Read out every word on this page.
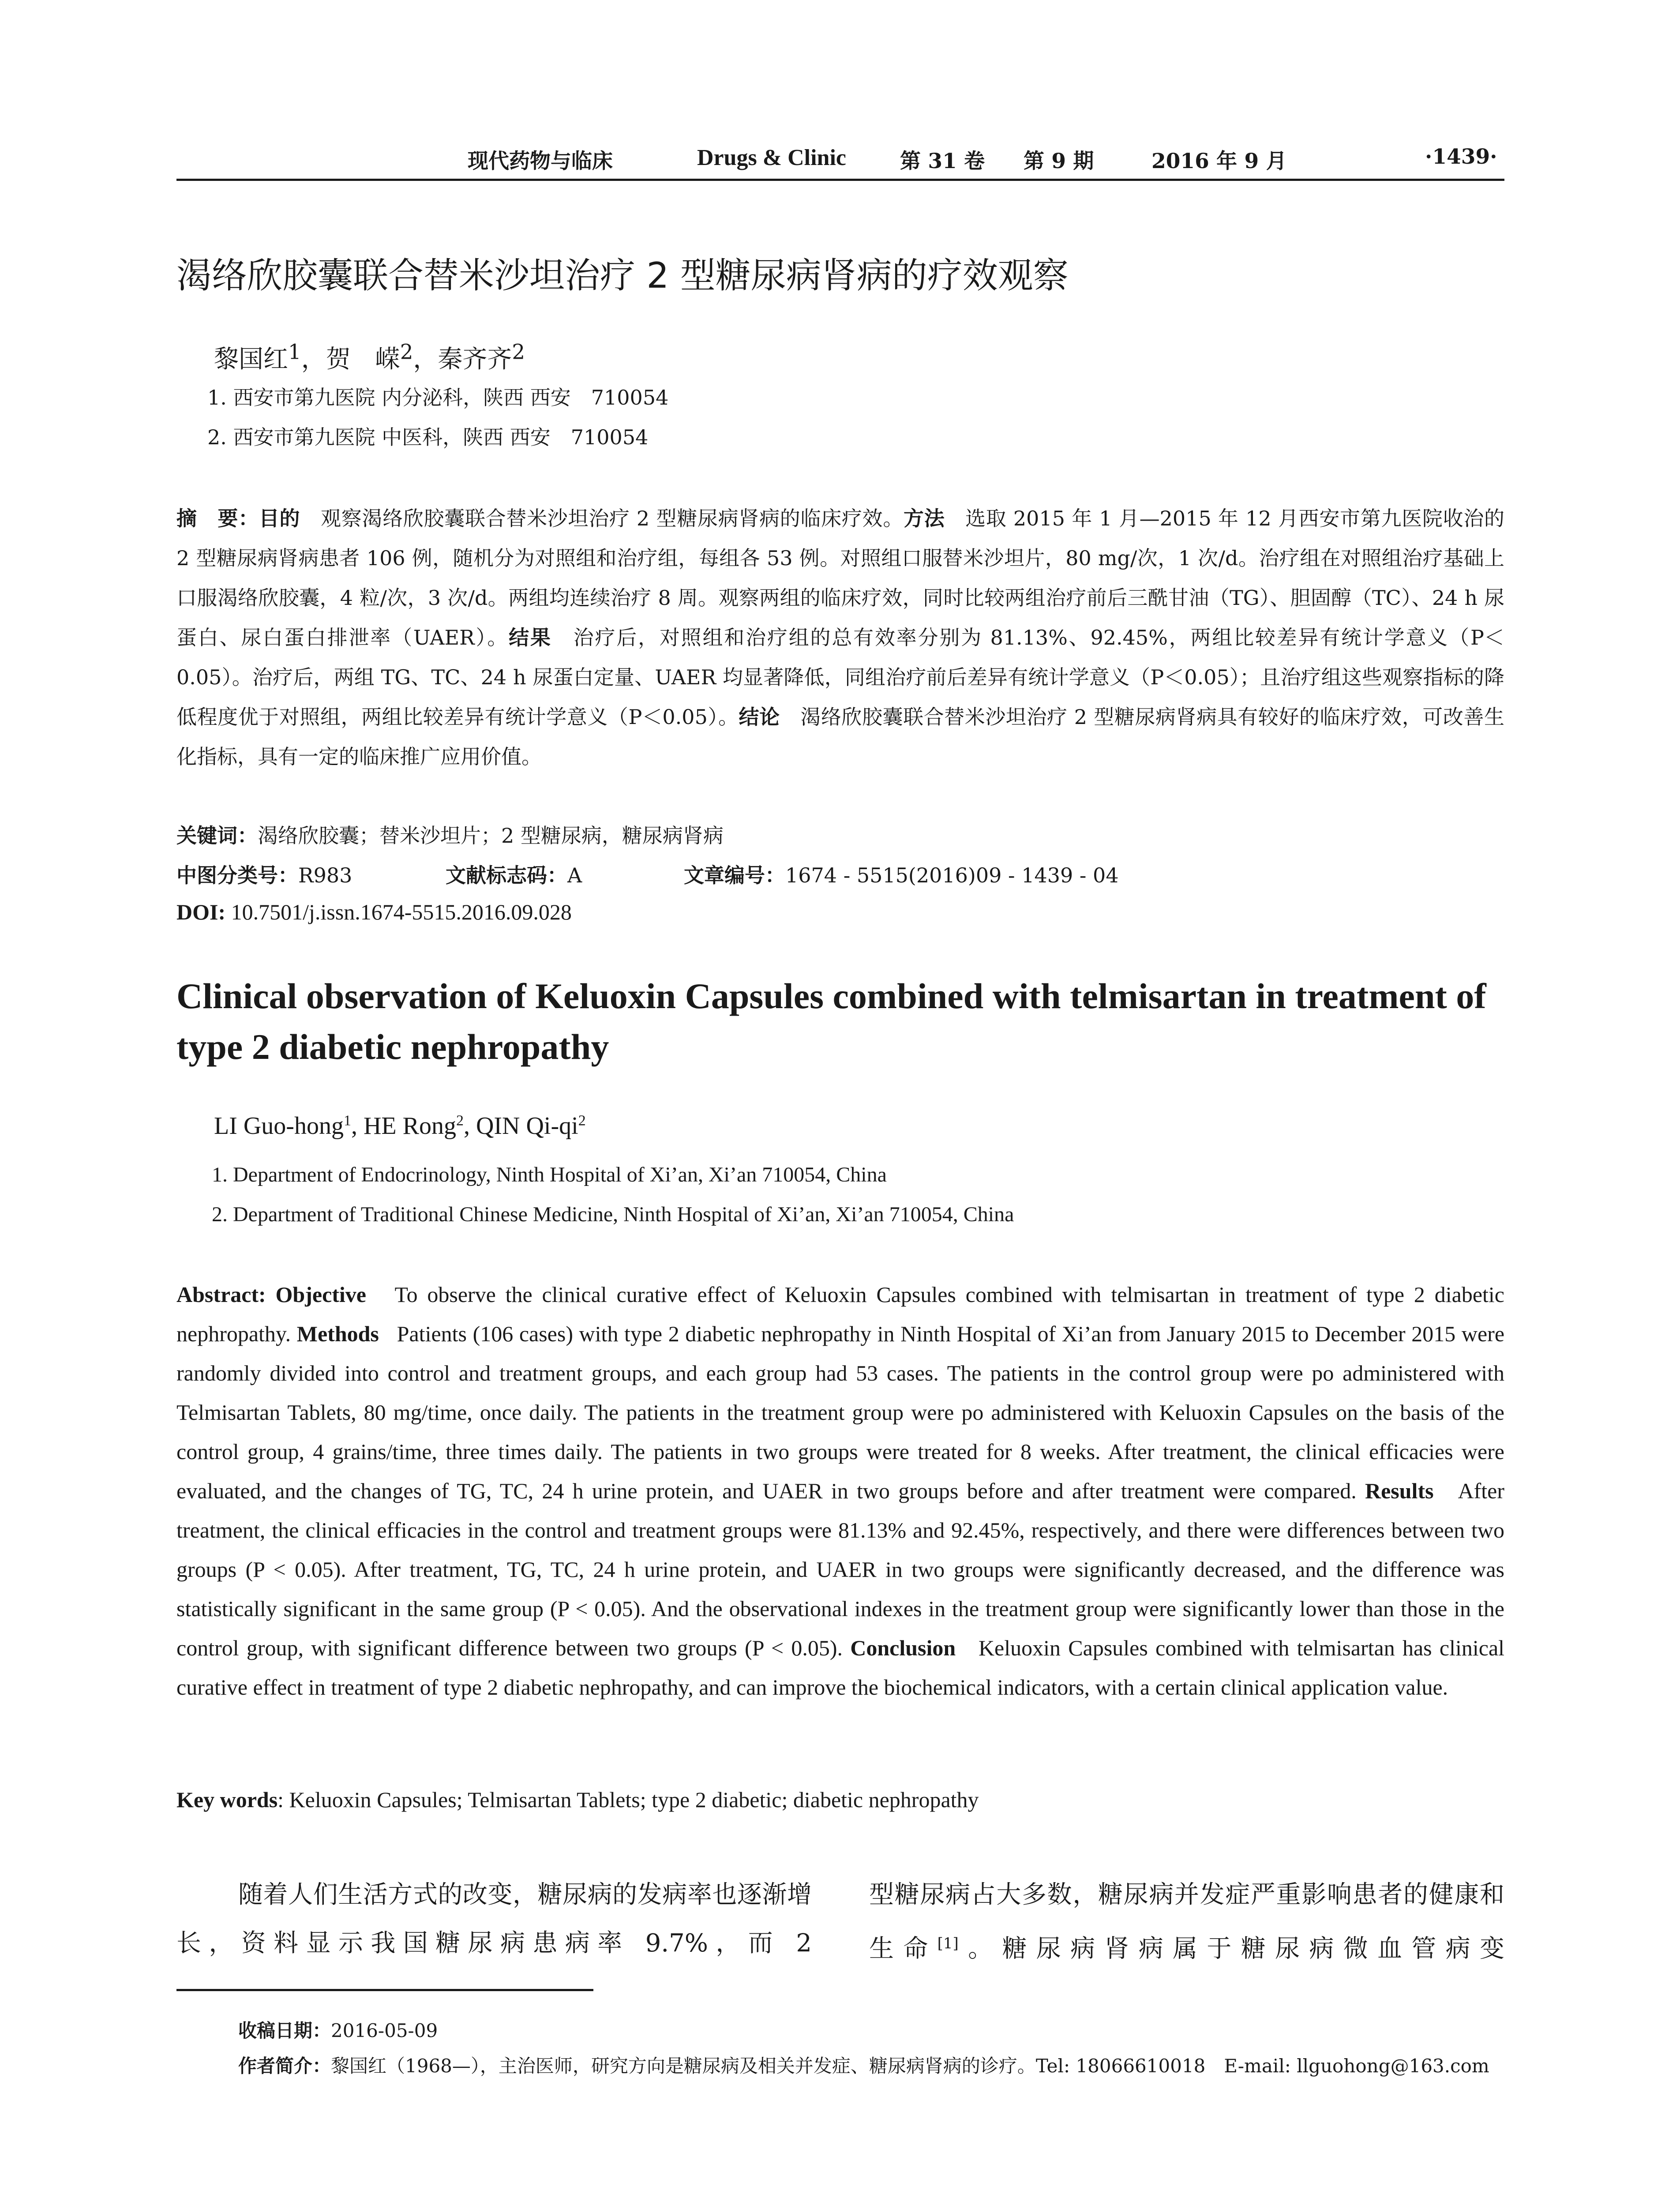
现代药物与临床	Drugs & Clinic	第 31 卷 第 9 期	2016 年 9 月	·1439·
渴络欣胶囊联合替米沙坦治疗 2 型糖尿病肾病的疗效观察
黎国红$^1$，贺　嵘$^2$，秦齐齐$^2$
1. 西安市第九医院 内分泌科，陕西 西安　710054
2. 西安市第九医院 中医科，陕西 西安　710054
摘　要：目的　 观察渴络欣胶囊联合替米沙坦治疗 2 型糖尿病肾病的临床疗效。方法　 选取 2015 年 1 月—2015 年 12 月西安市第九医院收治的 2 型糖尿病肾病患者 106 例，随机分为对照组和治疗组，每组各 53 例。对照组口服替米沙坦片，80 mg/次，1 次/d。治疗组在对照组治疗基础上口服渴络欣胶囊，4 粒/次，3 次/d。两组均连续治疗 8 周。观察两组的临床疗效，同时比较两组治疗前后三酰甘油（TG）、胆固醇（TC）、24 h 尿蛋白、尿白蛋白排泄率（UAER）。结果　 治疗后，对照组和治疗组的总有效率分别为 81.13%、92.45%，两组比较差异有统计学意义（P＜0.05）。治疗后，两组 TG、TC、24 h 尿蛋白定量、UAER 均显著降低，同组治疗前后差异有统计学意义（P＜0.05）；且治疗组这些观察指标的降低程度优于对照组，两组比较差异有统计学意义（P＜0.05）。结论　 渴络欣胶囊联合替米沙坦治疗 2 型糖尿病肾病具有较好的临床疗效，可改善生化指标，具有一定的临床推广应用价值。
关键词：渴络欣胶囊；替米沙坦片；2 型糖尿病，糖尿病肾病
中图分类号：R983	文献标志码：A	文章编号：1674 - 5515(2016)09 - 1439 - 04
DOI: 10.7501/j.issn.1674-5515.2016.09.028
Clinical observation of Keluoxin Capsules combined with telmisartan in treatment of type 2 diabetic nephropathy
LI Guo-hong$^1$, HE Rong$^2$, QIN $Qi-qi^2$
1. Department of Endocrinology, Ninth Hospital of Xi’an, Xi’an 710054, China
2. Department of Traditional Chinese Medicine, Ninth Hospital of Xi’an, Xi’an 710054, China
Abstract: Objective To observe the clinical curative effect of Keluoxin Capsules combined with telmisartan in treatment of type 2 diabetic nephropathy. Methods Patients (106 cases) with type 2 diabetic nephropathy in Ninth Hospital of Xi’an from January 2015 to December 2015 were randomly divided into control and treatment groups, and each group had 53 cases. The patients in the control group were po administered with Telmisartan Tablets, 80 mg/time, once daily. The patients in the treatment group were po administered with Keluoxin Capsules on the basis of the control group, 4 grains/time, three times daily. The patients in two groups were treated for 8 weeks. After treatment, the clinical efficacies were evaluated, and the changes of TG, TC, 24 h urine protein, and UAER in two groups before and after treatment were compared. Results After treatment, the clinical efficacies in the control and treatment groups were 81.13% and 92.45%, respectively, and there were differences between two groups (P < 0.05). After treatment, TG, TC, 24 h urine protein, and UAER in two groups were significantly decreased, and the difference was statistically significant in the same group (P < 0.05). And the observational indexes in the treatment group were significantly lower than those in the control group, with significant difference between two groups (P < 0.05). Conclusion Keluoxin Capsules combined with telmisartan has clinical curative effect in treatment of type 2 diabetic nephropathy, and can improve the biochemical indicators, with a certain clinical application value.
Key words: Keluoxin Capsules; Telmisartan Tablets; type 2 diabetic; diabetic nephropathy

随着人们生活方式的改变，糖尿病的发病率也逐渐增长，资料显示我国糖尿病患病率 9.7%，而 2

型糖尿病占大多数，糖尿病并发症严重影响患者的健康和生命[1]。糖尿病肾病属于糖尿病微血管病变

收稿日期：2016-05-09
作者简介：黎国红（1968—），主治医师，研究方向是糖尿病及相关并发症、糖尿病肾病的诊疗。Tel: 18066610018　E-mail: llguohong@163.com
